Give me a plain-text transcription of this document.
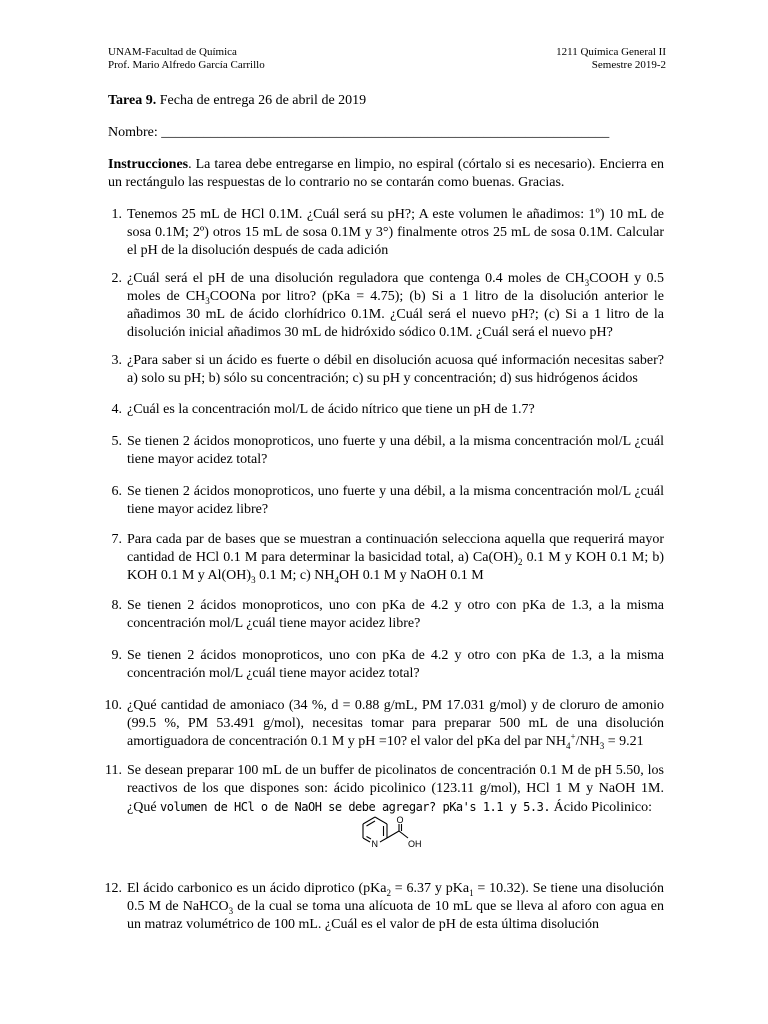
UNAM-Facultad de Química
Prof. Mario Alfredo García Carrillo
1211 Química General II
Semestre 2019-2
Tarea 9. Fecha de entrega 26 de abril de 2019
Nombre: ________________________________________________________________
Instrucciones. La tarea debe entregarse en limpio, no espiral (córtalo si es necesario). Encierra en un rectángulo las respuestas de lo contrario no se contarán como buenas. Gracias.
1. Tenemos 25 mL de HCl 0.1M. ¿Cuál será su pH?; A este volumen le añadimos: 1º) 10 mL de sosa 0.1M; 2º) otros 15 mL de sosa 0.1M y 3°) finalmente otros 25 mL de sosa 0.1M. Calcular el pH de la disolución después de cada adición
2. ¿Cuál será el pH de una disolución reguladora que contenga 0.4 moles de $CH_3COOH$ y 0.5 moles de $CH_3COONa$ por litro? (pKa = 4.75); (b) Si a 1 litro de la disolución anterior le añadimos 30 mL de ácido clorhídrico 0.1M. ¿Cuál será el nuevo pH?; (c) Si a 1 litro de la disolución inicial añadimos 30 mL de hidróxido sódico 0.1M. ¿Cuál será el nuevo pH?
3. ¿Para saber si un ácido es fuerte o débil en disolución acuosa qué información necesitas saber? a) solo su pH; b) sólo su concentración; c) su pH y concentración; d) sus hidrógenos ácidos
4. ¿Cuál es la concentración mol/L de ácido nítrico que tiene un pH de 1.7?
5. Se tienen 2 ácidos monoproticos, uno fuerte y una débil, a la misma concentración mol/L ¿cuál tiene mayor acidez total?
6. Se tienen 2 ácidos monoproticos, uno fuerte y una débil, a la misma concentración mol/L ¿cuál tiene mayor acidez libre?
7. Para cada par de bases que se muestran a continuación selecciona aquella que requerirá mayor cantidad de HCl 0.1 M para determinar la basicidad total, a) $Ca(OH)_2$ 0.1 M y KOH 0.1 M; b) KOH 0.1 M y $Al(OH)_3$ 0.1 M; c) $NH_4OH$ 0.1 M y NaOH 0.1 M
8. Se tienen 2 ácidos monoproticos, uno con pKa de 4.2 y otro con pKa de 1.3, a la misma concentración mol/L ¿cuál tiene mayor acidez libre?
9. Se tienen 2 ácidos monoproticos, uno con pKa de 4.2 y otro con pKa de 1.3, a la misma concentración mol/L ¿cuál tiene mayor acidez total?
10. ¿Qué cantidad de amoniaco (34 %, d = 0.88 g/mL, PM 17.031 g/mol) y de cloruro de amonio (99.5 %, PM 53.491 g/mol), necesitas tomar para preparar 500 mL de una disolución amortiguadora de concentración 0.1 M y pH =10? el valor del pKa del par $NH_4^+/NH_3 = 9.21$
11. Se desean preparar 100 mL de un buffer de picolinatos de concentración 0.1 M de pH 5.50, los reactivos de los que dispones son: ácido picolinico (123.11 g/mol), HCl 1 M y NaOH 1M. ¿Qué volumen de HCl o de NaOH se debe agregar? pKa's 1.1 y 5.3. Ácido Picolinico:
O
OH
N
12. El ácido carbonico es un ácido diprotico (pKa$_2$ = 6.37 y pKa$_1$ = 10.32). Se tiene una disolución 0.5 M de NaHCO$_3$ de la cual se toma una alícuota de 10 mL que se lleva al aforo con agua en un matraz volumétrico de 100 mL. ¿Cuál es el valor de pH de esta última disolución
